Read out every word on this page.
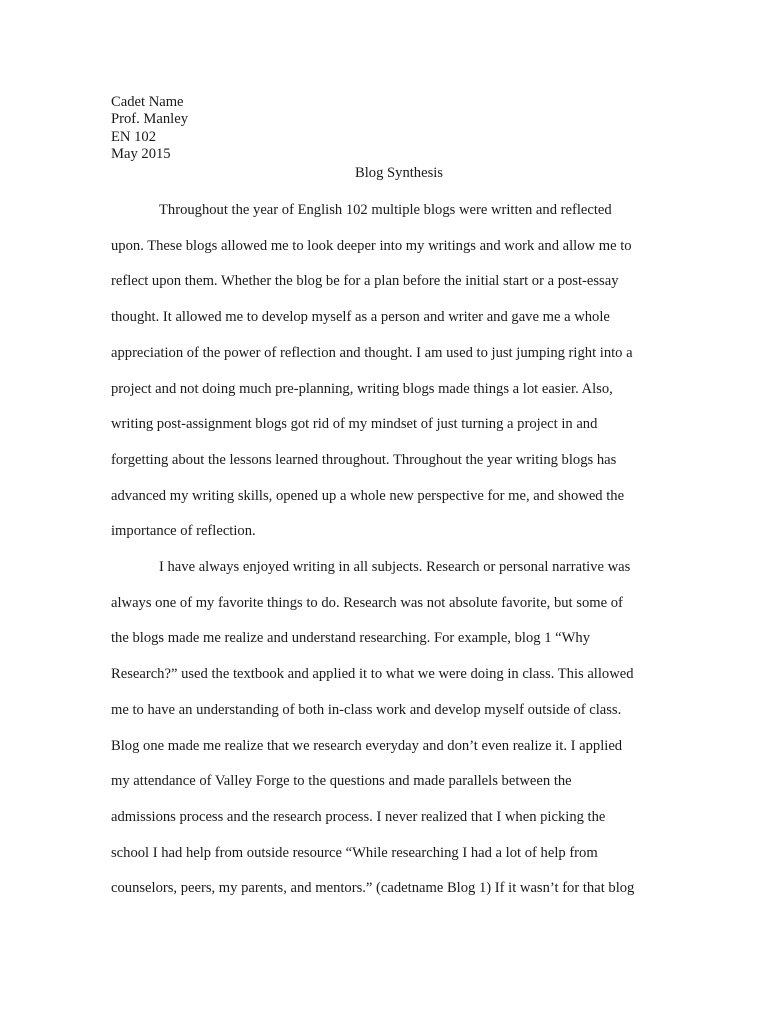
Cadet Name
Prof. Manley
EN 102
May 2015
Blog Synthesis
Throughout the year of English 102 multiple blogs were written and reflected
upon. These blogs allowed me to look deeper into my writings and work and allow me to
reflect upon them. Whether the blog be for a plan before the initial start or a post-essay
thought. It allowed me to develop myself as a person and writer and gave me a whole
appreciation of the power of reflection and thought. I am used to just jumping right into a
project and not doing much pre-planning, writing blogs made things a lot easier. Also,
writing post-assignment blogs got rid of my mindset of just turning a project in and
forgetting about the lessons learned throughout. Throughout the year writing blogs has
advanced my writing skills, opened up a whole new perspective for me, and showed the
importance of reflection.
I have always enjoyed writing in all subjects. Research or personal narrative was
always one of my favorite things to do. Research was not absolute favorite, but some of
the blogs made me realize and understand researching. For example, blog 1 “Why
Research?” used the textbook and applied it to what we were doing in class. This allowed
me to have an understanding of both in-class work and develop myself outside of class.
Blog one made me realize that we research everyday and don’t even realize it. I applied
my attendance of Valley Forge to the questions and made parallels between the
admissions process and the research process. I never realized that I when picking the
school I had help from outside resource “While researching I had a lot of help from
counselors, peers, my parents, and mentors.” (cadetname Blog 1) If it wasn’t for that blog
